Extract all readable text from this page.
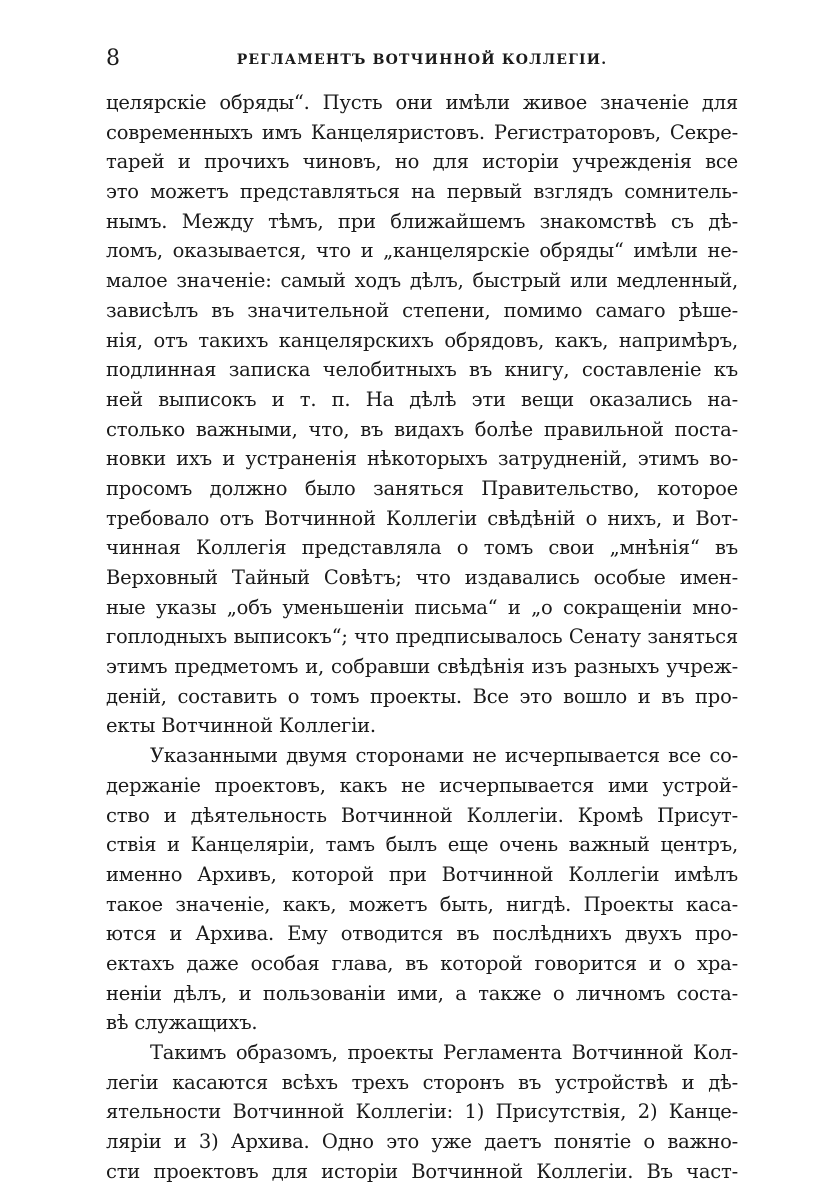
8	РЕГЛАМЕНТЪ ВОТЧИННОЙ КОЛЛЕГІИ.
целярскіе обряды“. Пусть они имѣли живое значеніе для
современныхъ имъ Канцеляристовъ. Регистраторовъ, Секре-
тарей и прочихъ чиновъ, но для исторіи учрежденія все
это можетъ представляться на первый взглядъ сомнитель-
нымъ. Между тѣмъ, при ближайшемъ знакомствѣ съ дѣ-
ломъ, оказывается, что и „канцелярскіе обряды“ имѣли не-
малое значеніе: самый ходъ дѣлъ, быстрый или медленный,
зависѣлъ въ значительной степени, помимо самаго рѣше-
нія, отъ такихъ канцелярскихъ обрядовъ, какъ, напримѣръ,
подлинная записка челобитныхъ въ книгу, составленіе къ
ней выписокъ и т. п. На дѣлѣ эти вещи оказались на-
столько важными, что, въ видахъ болѣе правильной поста-
новки ихъ и устраненія нѣкоторыхъ затрудненій, этимъ во-
просомъ должно было заняться Правительство, которое
требовало отъ Вотчинной Коллегіи свѣдѣній о нихъ, и Вот-
чинная Коллегія представляла о томъ свои „мнѣнія“ въ
Верховный Тайный Совѣтъ; что издавались особые имен-
ные указы „объ уменьшеніи письма“ и „о сокращеніи мно-
гоплодныхъ выписокъ“; что предписывалось Сенату заняться
этимъ предметомъ и, собравши свѣдѣнія изъ разныхъ учреж-
деній, составить о томъ проекты. Все это вошло и въ про-
екты Вотчинной Коллегіи.
Указанными двумя сторонами не исчерпывается все со-
держаніе проектовъ, какъ не исчерпывается ими устрой-
ство и дѣятельность Вотчинной Коллегіи. Кромѣ Присут-
ствія и Канцеляріи, тамъ былъ еще очень важный центръ,
именно Архивъ, которой при Вотчинной Коллегіи имѣлъ
такое значеніе, какъ, можетъ быть, нигдѣ. Проекты каса-
ются и Архива. Ему отводится въ послѣднихъ двухъ про-
ектахъ даже особая глава, въ которой говорится и о хра-
неніи дѣлъ, и пользованіи ими, а также о личномъ соста-
вѣ служащихъ.
Такимъ образомъ, проекты Регламента Вотчинной Кол-
легіи касаются всѣхъ трехъ сторонъ въ устройствѣ и дѣ-
ятельности Вотчинной Коллегіи: 1) Присутствія, 2) Канце-
ляріи и 3) Архива. Одно это уже даетъ понятіе о важно-
сти проектовъ для исторіи Вотчинной Коллегіи. Въ част-
